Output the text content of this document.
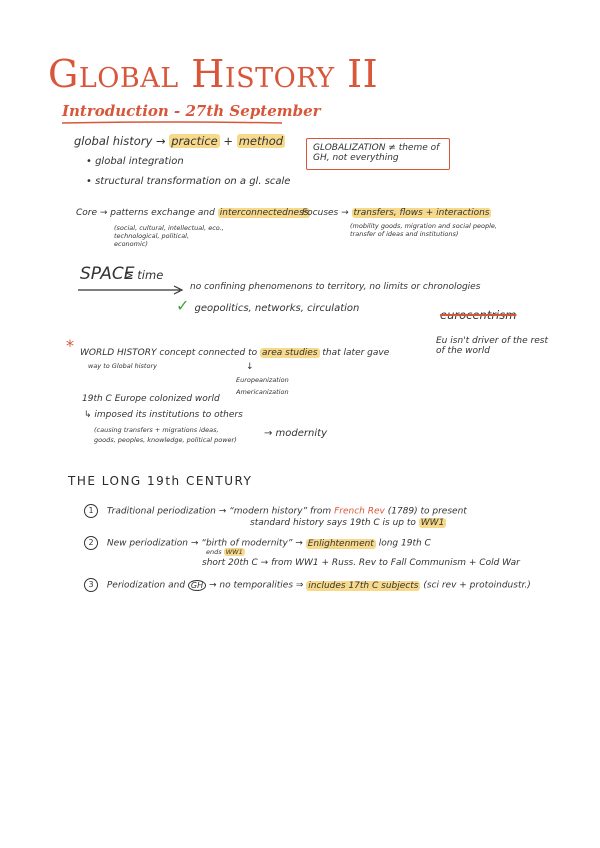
Global History II
Introduction - 27th September
global history → practice + method
• global integration
• structural transformation on a gl. scale
GLOBALIZATION ≠ theme of GH, not everything
Core → patterns exchange and interconnectedness
(social, cultural, intellectual, eco., technological, political, economic)
Focuses → transfers, flows + interactions
(mobility goods, migration and social people, transfer of ideas and institutions)
SPACE
> time
no confining phenomenons to territory, no limits or chronologies
✓ geopolitics, networks, circulation	eurocentrism
Eu isn't driver of the rest of the world
* WORLD HISTORY concept connected to area studies that later gave
way to Global history	↓
Europeanization
Americanization
19th C Europe colonized world
↳ imposed its institutions to others
(causing transfers + migrations ideas,
goods, peoples, knowledge, political power)
→ modernity
THE LONG 19th CENTURY
1 Traditional periodization → “modern history” from French Rev (1789) to present
standard history says 19th C is up to WW1
2 New periodization → “birth of modernity” → Enlightenment long 19th C
ends WW1
short 20th C → from WW1 + Russ. Rev to Fall Communism + Cold War
3 Periodization and GH → no temporalities ⇒ includes 17th C subjects (sci rev + protoindustr.)
